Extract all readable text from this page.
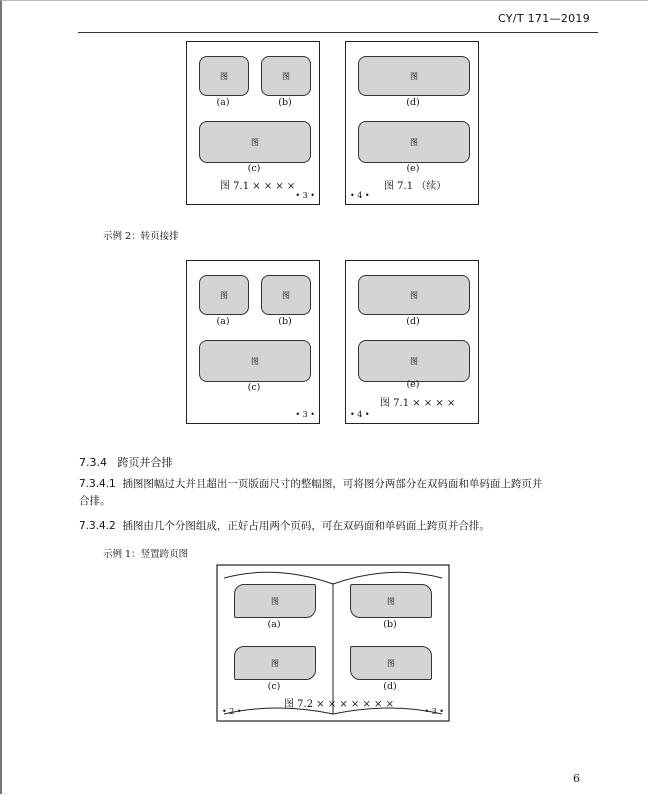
CY/T 171—2019
图	图
(a)	(b)
图
(c)
图 7.1 × × × ×
• 3 •
图
(d)
图
(e)
图 7.1 （续）
• 4 •
示例 2：转页接排
图	图
(a)	(b)
图
(c)
• 3 •
图
(d)
图
(e)
图 7.1 × × × ×
• 4 •
7.3.4 跨页并合排
7.3.4.1 插图图幅过大并且超出一页版面尺寸的整幅图，可将图分两部分在双码面和单码面上跨页并
合排。
7.3.4.2 插图由几个分图组成，正好占用两个页码，可在双码面和单码面上跨页并合排。
示例 1：竖置跨页图
图	图
(a)	(b)
图	图
(c)	(d)
图 7.2 × × × × × × ×
• 2 •	• 3 •
6
